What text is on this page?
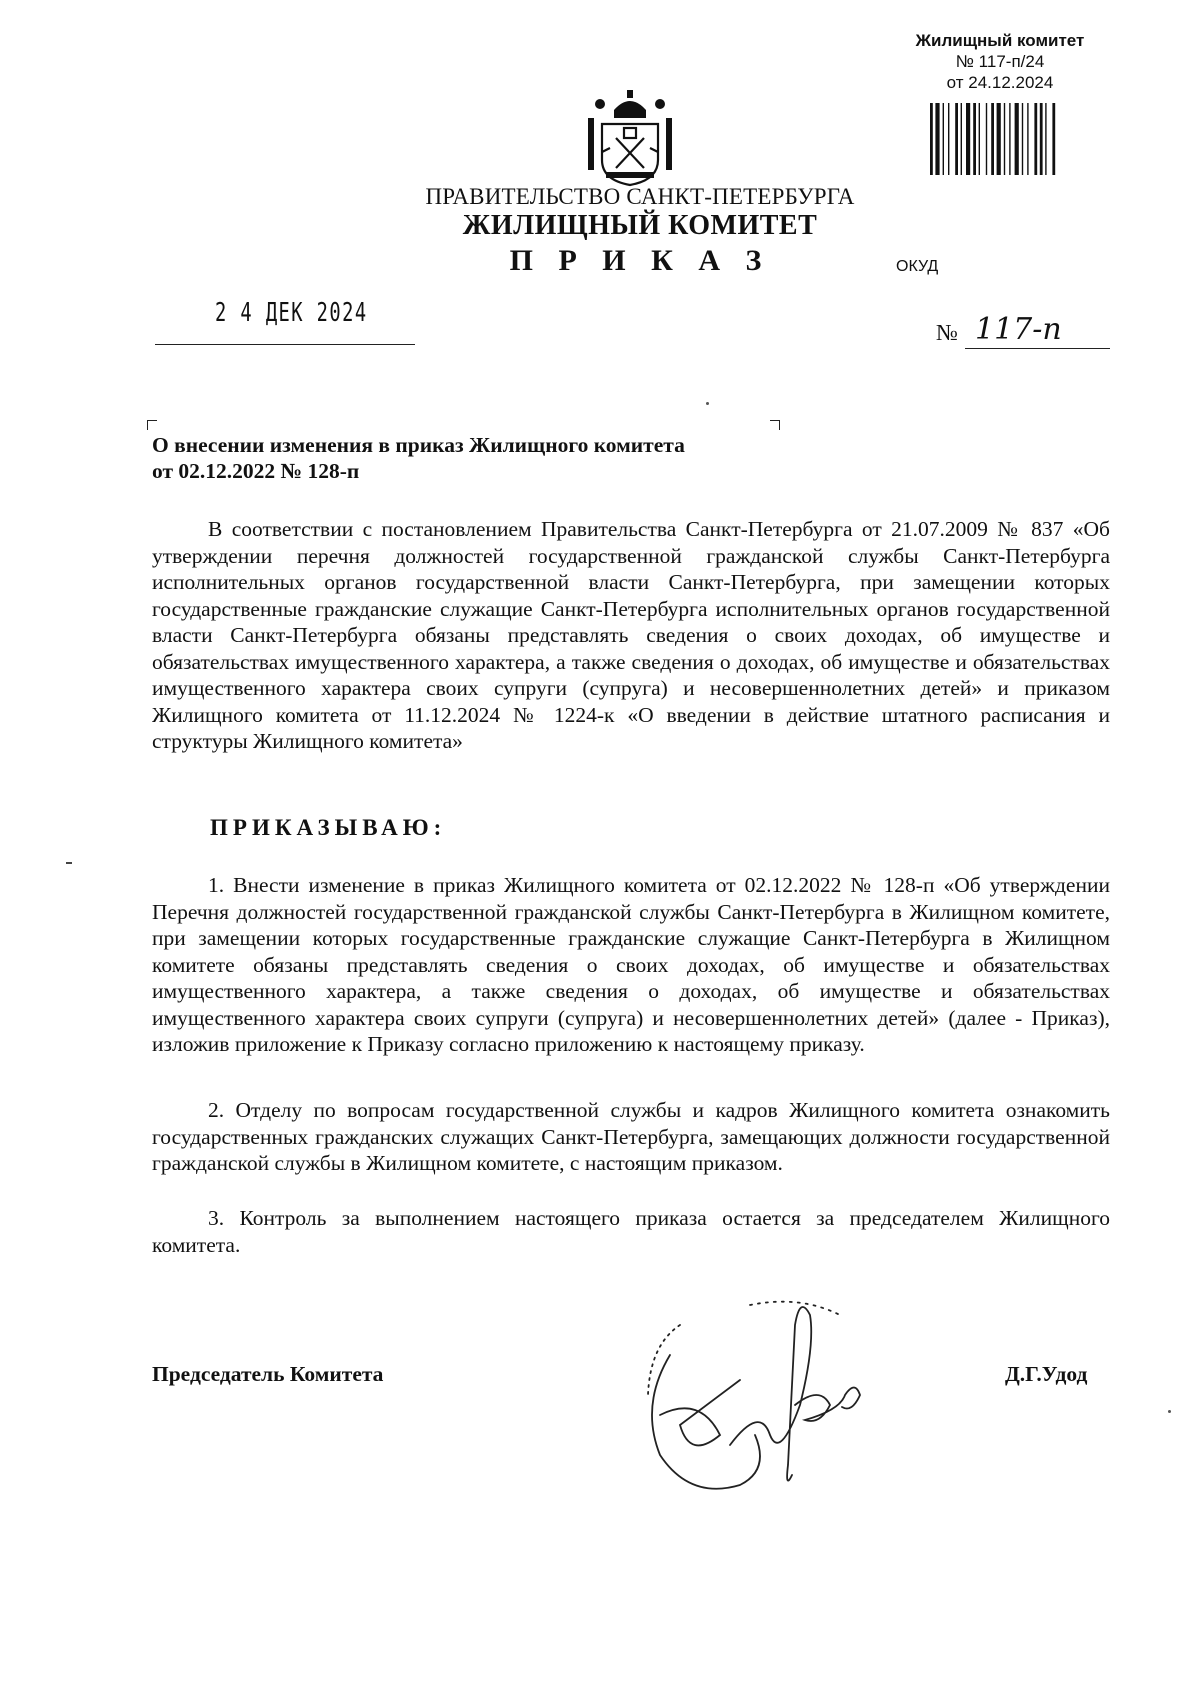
Жилищный комитет
№ 117-п/24
от 24.12.2024
ПРАВИТЕЛЬСТВО САНКТ-ПЕТЕРБУРГА
ЖИЛИЩНЫЙ КОМИТЕТ
П Р И К А З	ОКУД
2 4 ДЕК 2024
№ 117-п
О внесении изменения в приказ Жилищного комитета
от 02.12.2022 № 128-п

В соответствии с постановлением Правительства Санкт-Петербурга от 21.07.2009 № 837 «Об утверждении перечня должностей государственной гражданской службы Санкт-Петербурга исполнительных органов государственной власти Санкт-Петербурга, при замещении которых государственные гражданские служащие Санкт-Петербурга исполнительных органов государственной власти Санкт-Петербурга обязаны представлять сведения о своих доходах, об имуществе и обязательствах имущественного характера, а также сведения о доходах, об имуществе и обязательствах имущественного характера своих супруги (супруга) и несовершеннолетних детей» и приказом Жилищного комитета от 11.12.2024 № 1224-к «О введении в действие штатного расписания и структуры Жилищного комитета»

ПРИКАЗЫВАЮ:

1. Внести изменение в приказ Жилищного комитета от 02.12.2022 № 128-п «Об утверждении Перечня должностей государственной гражданской службы Санкт-Петербурга в Жилищном комитете, при замещении которых государственные гражданские служащие Санкт-Петербурга в Жилищном комитете обязаны представлять сведения о своих доходах, об имуществе и обязательствах имущественного характера, а также сведения о доходах, об имуществе и обязательствах имущественного характера своих супруги (супруга) и несовершеннолетних детей» (далее - Приказ), изложив приложение к Приказу согласно приложению к настоящему приказу.

2. Отделу по вопросам государственной службы и кадров Жилищного комитета ознакомить государственных гражданских служащих Санкт-Петербурга, замещающих должности государственной гражданской службы в Жилищном комитете, с настоящим приказом.

3. Контроль за выполнением настоящего приказа остается за председателем Жилищного комитета.

Председатель Комитета	Д.Г.Удод
